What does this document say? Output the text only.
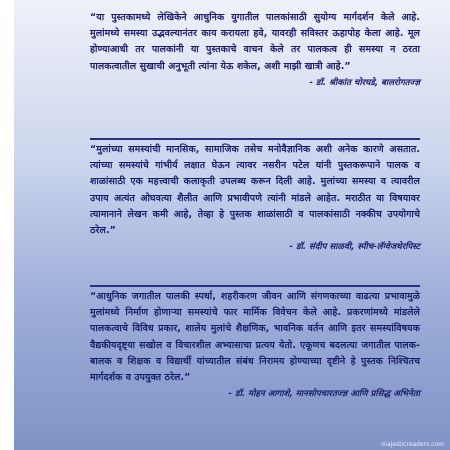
“या पुस्तकामध्ये लेखिकेने आधुनिक युगातील पालकांसाठी सुयोग्य मार्गदर्शन केले आहे. मुलांमध्ये समस्या उद्भवल्यानंतर काय करायला हवे, यावरही सविस्तर ऊहापोह केला आहे. मूल होण्याआधी तर पालकांनी या पुस्तकाचे वाचन केले तर पालकत्व ही समस्या न ठरता पालकत्वातील सुखाची अनुभूती त्यांना येऊ शकेल, अशी माझी खात्री आहे.”

- डॉ. श्रीकांत चोरघडे, बालरोगतज्ज्ञ

“मुलांच्या समस्यांची मानसिक, सामाजिक तसेच मनोवैज्ञानिक अशी अनेक कारणे असतात. त्यांच्या समस्यांचे गांभीर्य लक्षात घेऊन त्यावर नसरीन पटेल यांनी पुस्तकरूपाने पालक व शाळांसाठी एक महत्त्वाची कलाकृती उपलब्ध करून दिली आहे. मुलांच्या समस्या व त्यावरील उपाय अत्यंत ओघवत्या शैलीत आणि प्रभावीपणे त्यांनी मांडले आहेत. मराठीत या विषयावर त्यामानाने लेखन कमी आहे, तेव्हा हे पुस्तक शाळांसाठी व पालकांसाठी नक्कीच उपयोगाचे ठरेल.”

- डॉ. संदीप साळवी, स्पीच-लॅग्वेजथेरपिस्ट

“आधुनिक जगातील पालकी स्पर्धा, शहरीकरण जीवन आणि संगणकाच्या वाढत्या प्रभावामुळे मुलांमध्ये निर्माण होणाऱ्या समस्यांचे फार मार्मिक विवेचन केले आहे. प्रकरणांमध्ये मांडलेले पालकत्वाचे विविध प्रकार, शालेय मुलांचे शैक्षणिक, भावनिक वर्तन आणि इतर समस्यांविषयक वैद्यकीयदृष्ट्या सखोल व विचारशील अभ्यासाचा प्रत्यय येतो. एकूणच बदलत्या जगातील पालक-बालक व शिक्षक व विद्यार्थी यांच्यातील संबंध निरामय होण्याच्या दृष्टीने हे पुस्तक निश्चितच मार्गदर्शक व उपयुक्त ठरेल.”

- डॉ. मोहन आगाशे, मानसोपचारतज्ज्ञ आणि प्रसिद्ध अभिनेता

majesticreaders.com
